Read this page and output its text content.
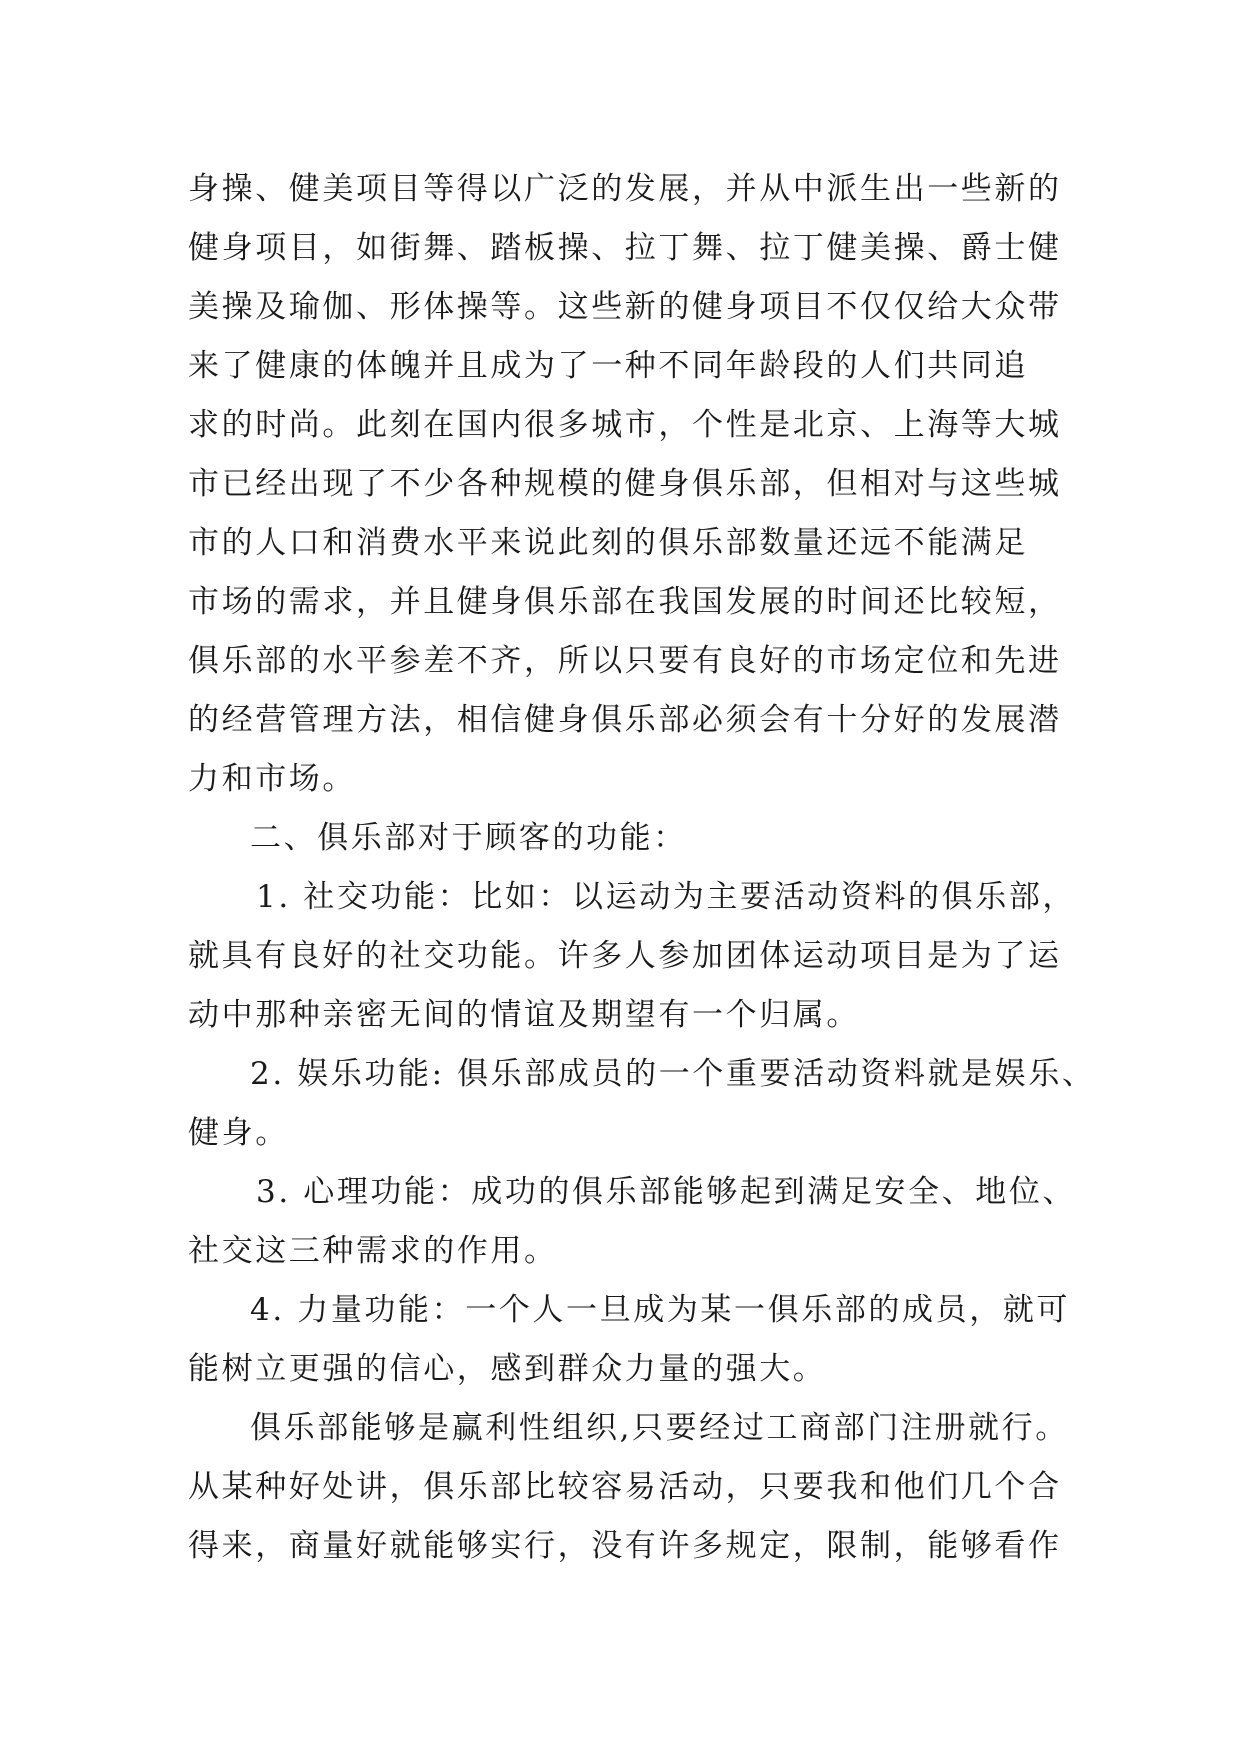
身操、健美项目等得以广泛的发展，并从中派生出一些新的
健身项目，如街舞、踏板操、拉丁舞、拉丁健美操、爵士健
美操及瑜伽、形体操等。这些新的健身项目不仅仅给大众带
来了健康的体魄并且成为了一种不同年龄段的人们共同追
求的时尚。此刻在国内很多城市，个性是北京、上海等大城
市已经出现了不少各种规模的健身俱乐部，但相对与这些城
市的人口和消费水平来说此刻的俱乐部数量还远不能满足
市场的需求，并且健身俱乐部在我国发展的时间还比较短，
俱乐部的水平参差不齐，所以只要有良好的市场定位和先进
的经营管理方法，相信健身俱乐部必须会有十分好的发展潜
力和市场。
二、俱乐部对于顾客的功能：
1. 社交功能：比如：以运动为主要活动资料的俱乐部，
就具有良好的社交功能。许多人参加团体运动项目是为了运
动中那种亲密无间的情谊及期望有一个归属。
2. 娱乐功能: 俱乐部成员的一个重要活动资料就是娱乐、
健身。
3. 心理功能：成功的俱乐部能够起到满足安全、地位、
社交这三种需求的作用。
4. 力量功能：一个人一旦成为某一俱乐部的成员，就可
能树立更强的信心，感到群众力量的强大。
俱乐部能够是赢利性组织,只要经过工商部门注册就行。
从某种好处讲，俱乐部比较容易活动，只要我和他们几个合
得来，商量好就能够实行，没有许多规定，限制，能够看作
